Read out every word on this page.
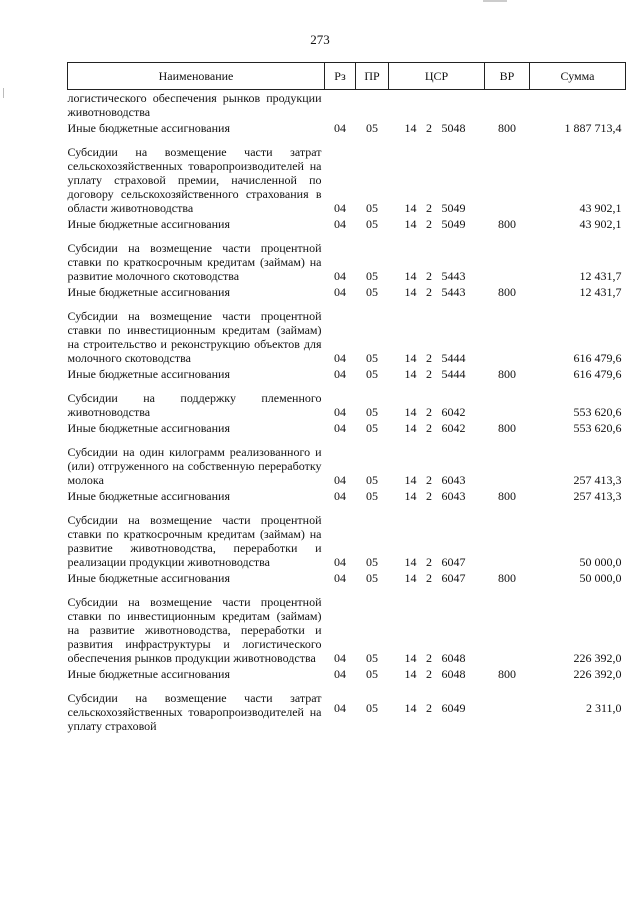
273
Наименование	Рз	ПР	ЦСР	ВР	Сумма
логистического обеспечения рынков продукции животноводства					
Иные бюджетные ассигнования	04	05	14 2 5048	800	1 887 713,4
Субсидии на возмещение части затрат сельскохозяйственных товаропроизводителей на уплату страховой премии, начисленной по договору сельскохозяйственного страхования в области животноводства	04	05	14 2 5049		43 902,1
Иные бюджетные ассигнования	04	05	14 2 5049	800	43 902,1
Субсидии на возмещение части процентной ставки по краткосрочным кредитам (займам) на развитие молочного скотоводства	04	05	14 2 5443		12 431,7
Иные бюджетные ассигнования	04	05	14 2 5443	800	12 431,7
Субсидии на возмещение части процентной ставки по инвестиционным кредитам (займам) на строительство и реконструкцию объектов для молочного скотоводства	04	05	14 2 5444		616 479,6
Иные бюджетные ассигнования	04	05	14 2 5444	800	616 479,6
Субсидии на поддержку племенного животноводства	04	05	14 2 6042		553 620,6
Иные бюджетные ассигнования	04	05	14 2 6042	800	553 620,6
Субсидии на один килограмм реализованного и (или) отгруженного на собственную переработку молока	04	05	14 2 6043		257 413,3
Иные бюджетные ассигнования	04	05	14 2 6043	800	257 413,3
Субсидии на возмещение части процентной ставки по краткосрочным кредитам (займам) на развитие животноводства, переработки и реализации продукции животноводства	04	05	14 2 6047		50 000,0
Иные бюджетные ассигнования	04	05	14 2 6047	800	50 000,0
Субсидии на возмещение части процентной ставки по инвестиционным кредитам (займам) на развитие животноводства, переработки и развития инфраструктуры и логистического обеспечения рынков продукции животноводства	04	05	14 2 6048		226 392,0
Иные бюджетные ассигнования	04	05	14 2 6048	800	226 392,0
Субсидии на возмещение части затрат сельскохозяйственных товаропроизводителей на уплату страховой	04	05	14 2 6049		2 311,0
